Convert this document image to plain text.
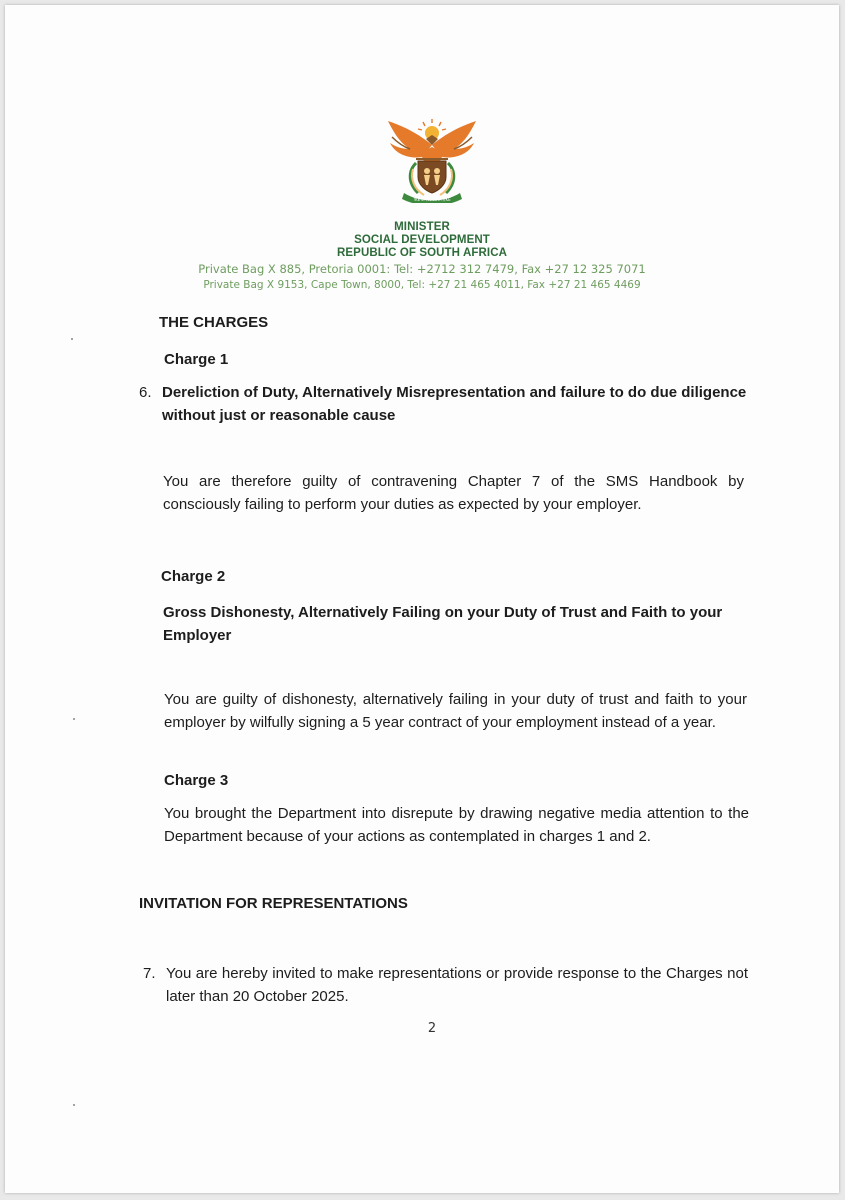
!KE E: /XARRA //KE
MINISTER
SOCIAL DEVELOPMENT
REPUBLIC OF SOUTH AFRICA
Private Bag X 885, Pretoria 0001: Tel: +2712 312 7479, Fax +27 12 325 7071
Private Bag X 9153, Cape Town, 8000, Tel: +27 21 465 4011, Fax +27 21 465 4469
THE CHARGES
Charge 1
6. Dereliction of Duty, Alternatively Misrepresentation and failure to do due diligence without just or reasonable cause
You are therefore guilty of contravening Chapter 7 of the SMS Handbook by consciously failing to perform your duties as expected by your employer.
Charge 2
Gross Dishonesty, Alternatively Failing on your Duty of Trust and Faith to your Employer
You are guilty of dishonesty, alternatively failing in your duty of trust and faith to your employer by wilfully signing a 5 year contract of your employment instead of a year.
Charge 3
You brought the Department into disrepute by drawing negative media attention to the Department because of your actions as contemplated in charges 1 and 2.
INVITATION FOR REPRESENTATIONS
7. You are hereby invited to make representations or provide response to the Charges not later than 20 October 2025.
2
